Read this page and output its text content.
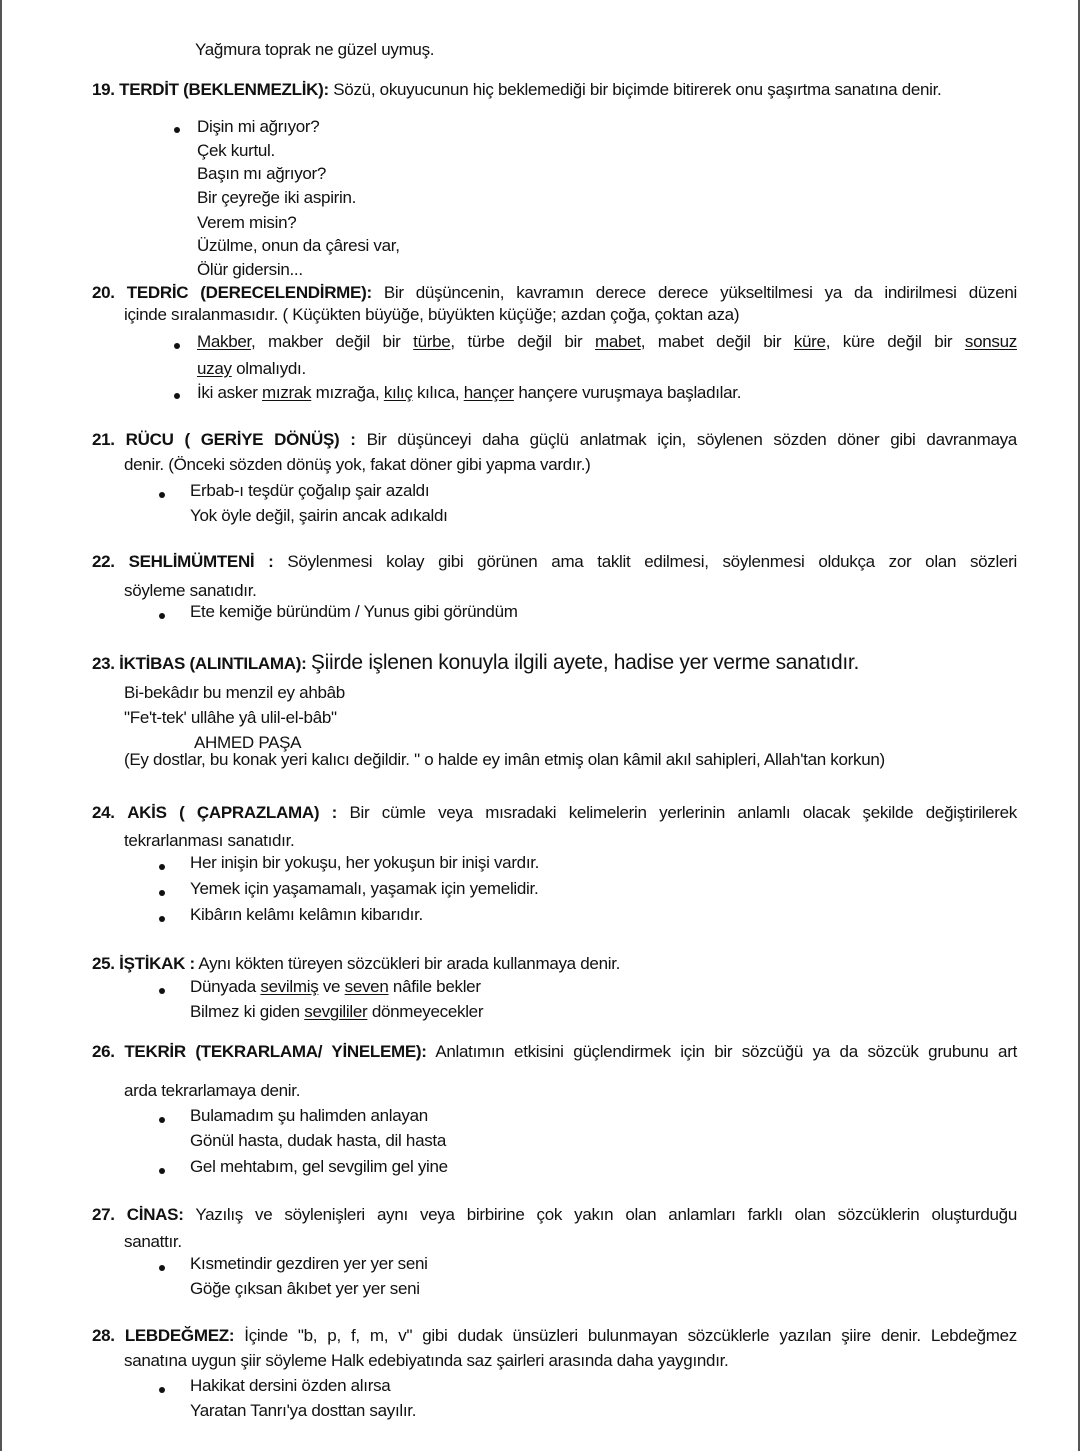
Yağmura toprak ne güzel uymuş.
19. TERDİT (BEKLENMEZLİK): Sözü, okuyucunun hiç beklemediği bir biçimde bitirerek onu şaşırtma sanatına denir.
Dişin mi ağrıyor?
Çek kurtul.
Başın mı ağrıyor?
Bir çeyreğe iki aspirin.
Verem misin?
Üzülme, onun da çâresi var,
Ölür gidersin...
20. TEDRİC (DERECELENDİRME): Bir düşüncenin, kavramın derece derece yükseltilmesi ya da indirilmesi düzeni
içinde sıralanmasıdır. ( Küçükten büyüğe, büyükten küçüğe; azdan çoğa, çoktan aza)
Makber, makber değil bir türbe, türbe değil bir mabet, mabet değil bir küre, küre değil bir sonsuz
uzay olmalıydı.
İki asker mızrak mızrağa, kılıç kılıca, hançer hançere vuruşmaya başladılar.
21. RÜCU ( GERİYE DÖNÜŞ) : Bir düşünceyi daha güçlü anlatmak için, söylenen sözden döner gibi davranmaya
denir. (Önceki sözden dönüş yok, fakat döner gibi yapma vardır.)
Erbab-ı teşdür çoğalıp şair azaldı
Yok öyle değil, şairin ancak adıkaldı
22. SEHLİMÜMTENİ : Söylenmesi kolay gibi görünen ama taklit edilmesi, söylenmesi oldukça zor olan sözleri
söyleme sanatıdır.
Ete kemiğe büründüm / Yunus gibi göründüm
23. İKTİBAS (ALINTILAMA): Şiirde işlenen konuyla ilgili ayete, hadise yer verme sanatıdır.
Bi-bekâdır bu menzil ey ahbâb
"Fe't-tek' ullâhe yâ ulil-el-bâb"
AHMED PAŞA
(Ey dostlar, bu konak yeri kalıcı değildir. " o halde ey imân etmiş olan kâmil akıl sahipleri, Allah'tan korkun)
24. AKİS ( ÇAPRAZLAMA) : Bir cümle veya mısradaki kelimelerin yerlerinin anlamlı olacak şekilde değiştirilerek
tekrarlanması sanatıdır.
Her inişin bir yokuşu, her yokuşun bir inişi vardır.
Yemek için yaşamamalı, yaşamak için yemelidir.
Kibârın kelâmı kelâmın kibarıdır.
25. İŞTİKAK : Aynı kökten türeyen sözcükleri bir arada kullanmaya denir.
Dünyada sevilmiş ve seven nâfile bekler
Bilmez ki giden sevgililer dönmeyecekler
26. TEKRİR (TEKRARLAMA/ YİNELEME): Anlatımın etkisini güçlendirmek için bir sözcüğü ya da sözcük grubunu art
arda tekrarlamaya denir.
Bulamadım şu halimden anlayan
Gönül hasta, dudak hasta, dil hasta
Gel mehtabım, gel sevgilim gel yine
27. CİNAS: Yazılış ve söylenişleri aynı veya birbirine çok yakın olan anlamları farklı olan sözcüklerin oluşturduğu
sanattır.
Kısmetindir gezdiren yer yer seni
Göğe çıksan âkıbet yer yer seni
28. LEBDEĞMEZ: İçinde "b, p, f, m, v" gibi dudak ünsüzleri bulunmayan sözcüklerle yazılan şiire denir. Lebdeğmez
sanatına uygun şiir söyleme Halk edebiyatında saz şairleri arasında daha yaygındır.
Hakikat dersini özden alırsa
Yaratan Tanrı'ya dosttan sayılır.
